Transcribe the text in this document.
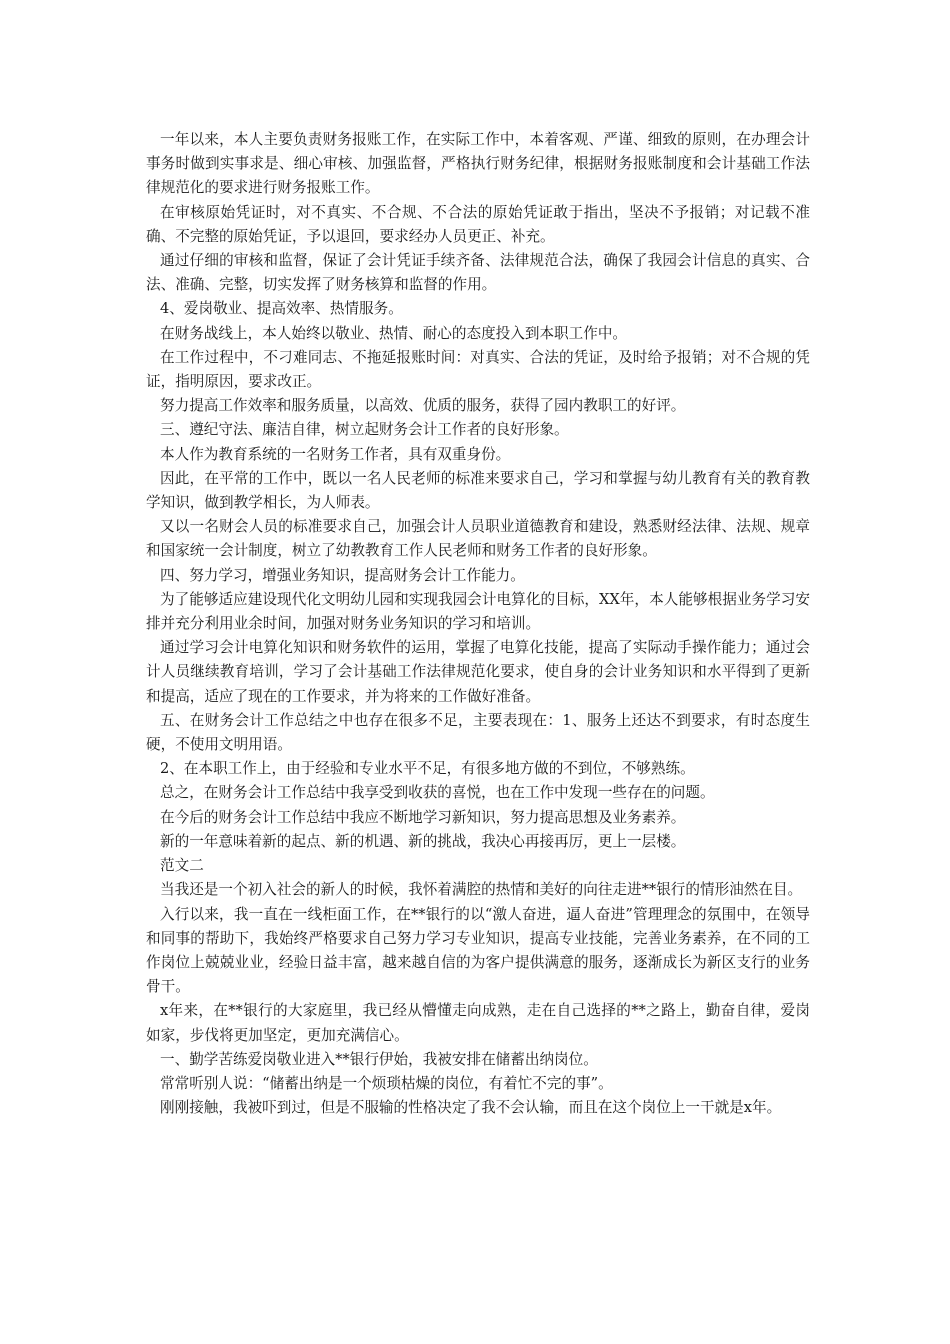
一年以来，本人主要负责财务报账工作，在实际工作中，本着客观、严谨、细致的原则，在办理会计事务时做到实事求是、细心审核、加强监督，严格执行财务纪律，根据财务报账制度和会计基础工作法律规范化的要求进行财务报账工作。

在审核原始凭证时，对不真实、不合规、不合法的原始凭证敢于指出，坚决不予报销；对记载不准确、不完整的原始凭证，予以退回，要求经办人员更正、补充。

通过仔细的审核和监督，保证了会计凭证手续齐备、法律规范合法，确保了我园会计信息的真实、合法、准确、完整，切实发挥了财务核算和监督的作用。

4、爱岗敬业、提高效率、热情服务。

在财务战线上，本人始终以敬业、热情、耐心的态度投入到本职工作中。

在工作过程中，不刁难同志、不拖延报账时间：对真实、合法的凭证，及时给予报销；对不合规的凭证，指明原因，要求改正。

努力提高工作效率和服务质量，以高效、优质的服务，获得了园内教职工的好评。

三、遵纪守法、廉洁自律，树立起财务会计工作者的良好形象。

本人作为教育系统的一名财务工作者，具有双重身份。

因此，在平常的工作中，既以一名人民老师的标准来要求自己，学习和掌握与幼儿教育有关的教育教学知识，做到教学相长，为人师表。

又以一名财会人员的标准要求自己，加强会计人员职业道德教育和建设，熟悉财经法律、法规、规章和国家统一会计制度，树立了幼教教育工作人民老师和财务工作者的良好形象。

四、努力学习，增强业务知识，提高财务会计工作能力。

为了能够适应建设现代化文明幼儿园和实现我园会计电算化的目标，XX年，本人能够根据业务学习安排并充分利用业余时间，加强对财务业务知识的学习和培训。

通过学习会计电算化知识和财务软件的运用，掌握了电算化技能，提高了实际动手操作能力；通过会计人员继续教育培训，学习了会计基础工作法律规范化要求，使自身的会计业务知识和水平得到了更新和提高，适应了现在的工作要求，并为将来的工作做好准备。

五、在财务会计工作总结之中也存在很多不足，主要表现在：1、服务上还达不到要求，有时态度生硬，不使用文明用语。

2、在本职工作上，由于经验和专业水平不足，有很多地方做的不到位，不够熟练。

总之，在财务会计工作总结中我享受到收获的喜悦，也在工作中发现一些存在的问题。

在今后的财务会计工作总结中我应不断地学习新知识，努力提高思想及业务素养。

新的一年意味着新的起点、新的机遇、新的挑战，我决心再接再厉，更上一层楼。

范文二

当我还是一个初入社会的新人的时候，我怀着满腔的热情和美好的向往走进**银行的情形油然在目。

入行以来，我一直在一线柜面工作，在**银行的以“激人奋进，逼人奋进”管理理念的氛围中，在领导和同事的帮助下，我始终严格要求自己努力学习专业知识，提高专业技能，完善业务素养，在不同的工作岗位上兢兢业业，经验日益丰富，越来越自信的为客户提供满意的服务，逐渐成长为新区支行的业务骨干。

x年来，在**银行的大家庭里，我已经从懵懂走向成熟，走在自己选择的**之路上，勤奋自律，爱岗如家，步伐将更加坚定，更加充满信心。

一、勤学苦练爱岗敬业进入**银行伊始，我被安排在储蓄出纳岗位。

常常听别人说：“储蓄出纳是一个烦琐枯燥的岗位，有着忙不完的事”。

刚刚接触，我被吓到过，但是不服输的性格决定了我不会认输，而且在这个岗位上一干就是x年。
